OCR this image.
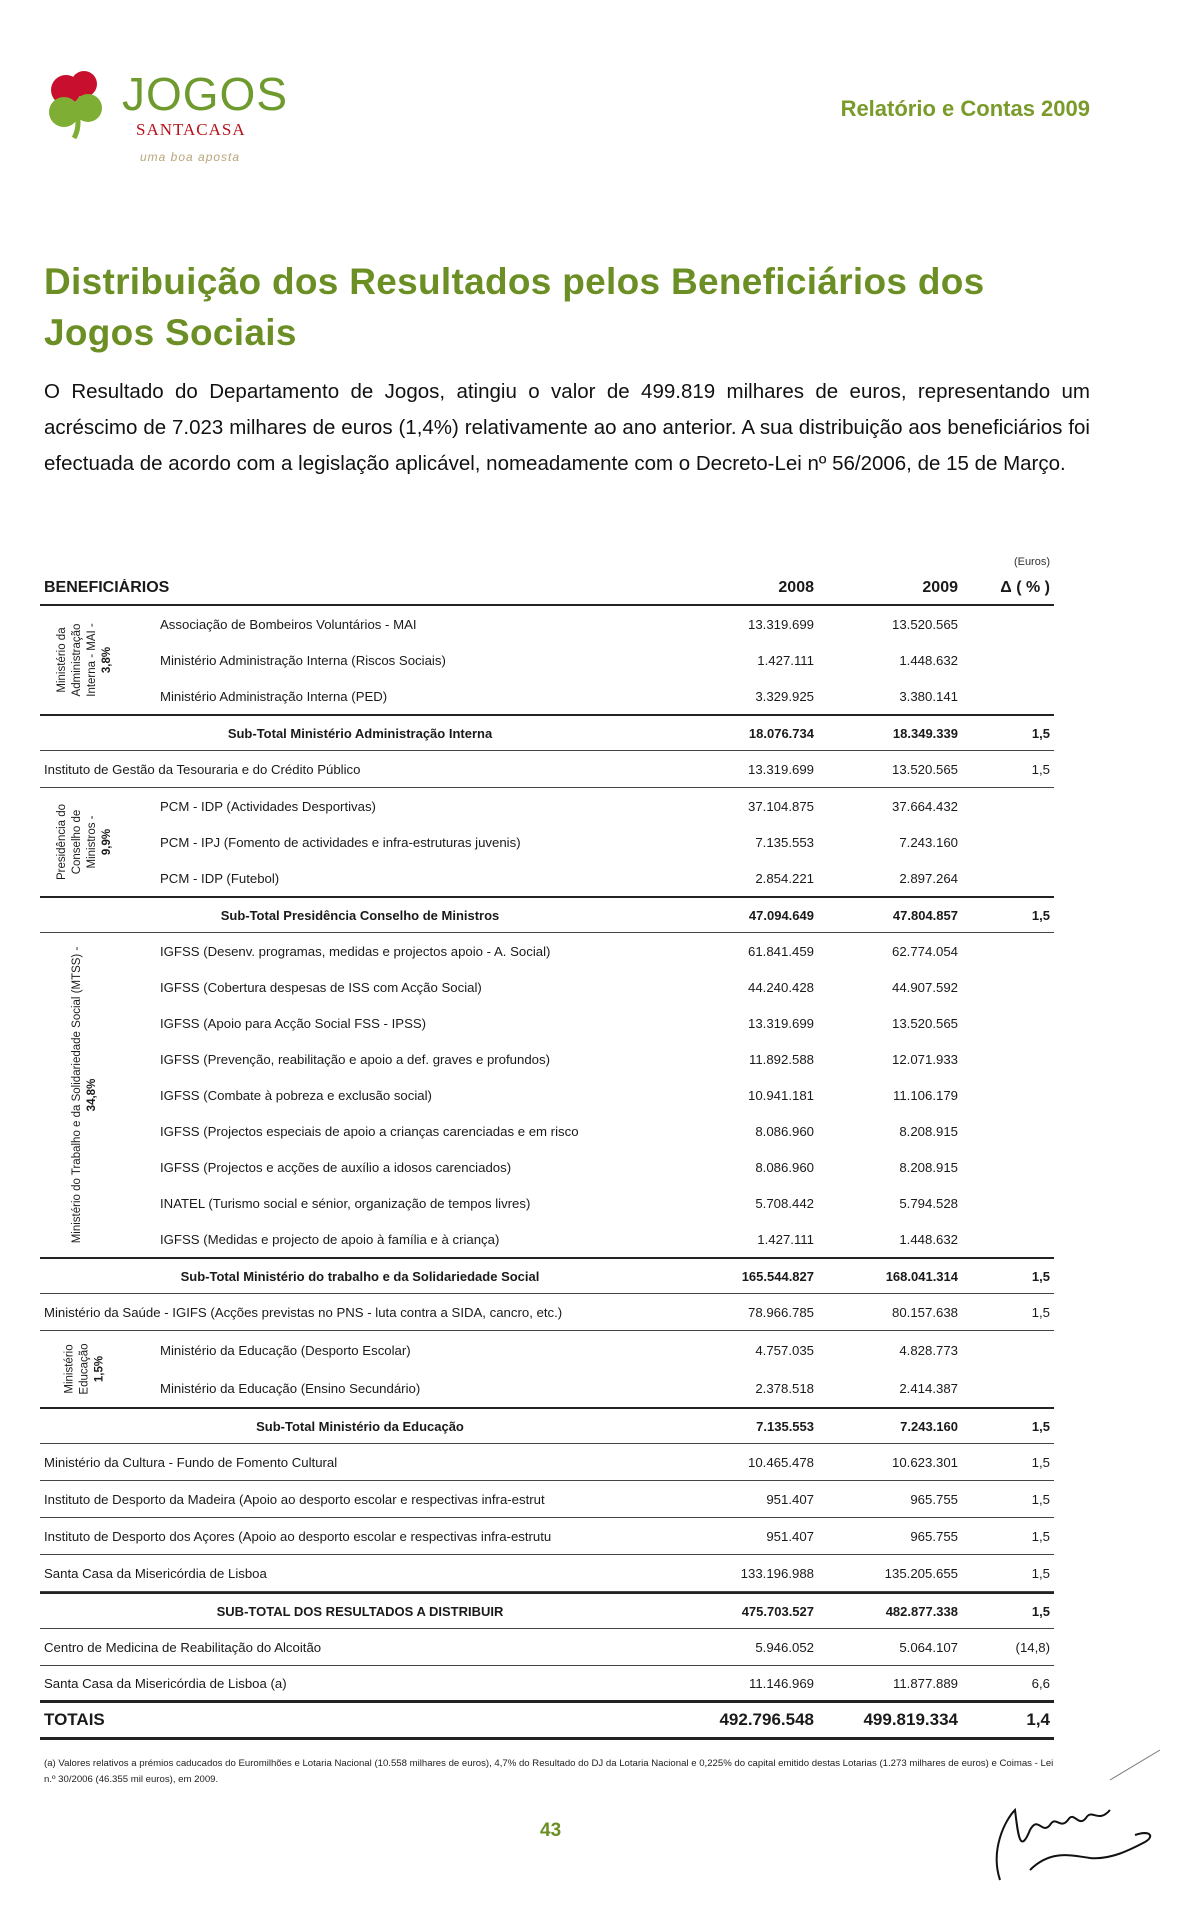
JOGOS
SANTACASA
uma boa aposta
Relatório e Contas 2009
Distribuição dos Resultados pelos Beneficiários dos Jogos Sociais

O Resultado do Departamento de Jogos, atingiu o valor de 499.819 milhares de euros, representando um acréscimo de 7.023 milhares de euros (1,4%) relativamente ao ano anterior. A sua distribuição aos beneficiários foi efectuada de acordo com a legislação aplicável, nomeadamente com o Decreto-Lei nº 56/2006, de 15 de Março.

(Euros)
BENEFICIÁRIOS	2008	2009	Δ ( % )
Ministério da Administração Interna - MAI - 3,8%
Associação de Bombeiros Voluntários - MAI	13.319.699	13.520.565
Ministério Administração Interna (Riscos Sociais)	1.427.111	1.448.632
Ministério Administração Interna (PED)	3.329.925	3.380.141
Sub-Total Ministério Administração Interna	18.076.734	18.349.339	1,5
Instituto de Gestão da Tesouraria e do Crédito Público	13.319.699	13.520.565	1,5
Presidência do Conselho de Ministros - 9,9%
PCM - IDP (Actividades Desportivas)	37.104.875	37.664.432
PCM - IPJ (Fomento de actividades e infra-estruturas juvenis)	7.135.553	7.243.160
PCM - IDP (Futebol)	2.854.221	2.897.264
Sub-Total Presidência Conselho de Ministros	47.094.649	47.804.857	1,5
Ministério do Trabalho e da Solidariedade Social (MTSS) - 34,8%
IGFSS (Desenv. programas, medidas e projectos apoio - A. Social)	61.841.459	62.774.054
IGFSS (Cobertura despesas de ISS com Acção Social)	44.240.428	44.907.592
IGFSS (Apoio para Acção Social FSS - IPSS)	13.319.699	13.520.565
IGFSS (Prevenção, reabilitação e apoio a def. graves e profundos)	11.892.588	12.071.933
IGFSS (Combate à pobreza e exclusão social)	10.941.181	11.106.179
IGFSS (Projectos especiais de apoio a crianças carenciadas e em risco	8.086.960	8.208.915
IGFSS (Projectos e acções de auxílio a idosos carenciados)	8.086.960	8.208.915
INATEL (Turismo social e sénior, organização de tempos livres)	5.708.442	5.794.528
IGFSS (Medidas e projecto de apoio à família e à criança)	1.427.111	1.448.632
Sub-Total Ministério do trabalho e da Solidariedade Social	165.544.827	168.041.314	1,5
Ministério da Saúde - IGIFS (Acções previstas no PNS - luta contra a SIDA, cancro, etc.)	78.966.785	80.157.638	1,5
Ministério Educação 1,5%
Ministério da Educação (Desporto Escolar)	4.757.035	4.828.773
Ministério da Educação (Ensino Secundário)	2.378.518	2.414.387
Sub-Total Ministério da Educação	7.135.553	7.243.160	1,5
Ministério da Cultura - Fundo de Fomento Cultural	10.465.478	10.623.301	1,5
Instituto de Desporto da Madeira (Apoio ao desporto escolar e respectivas infra-estrut	951.407	965.755	1,5
Instituto de Desporto dos Açores (Apoio ao desporto escolar e respectivas infra-estrutu	951.407	965.755	1,5
Santa Casa da Misericórdia de Lisboa	133.196.988	135.205.655	1,5
SUB-TOTAL DOS RESULTADOS A DISTRIBUIR	475.703.527	482.877.338	1,5
Centro de Medicina de Reabilitação do Alcoitão	5.946.052	5.064.107	(14,8)
Santa Casa da Misericórdia de Lisboa (a)	11.146.969	11.877.889	6,6
TOTAIS	492.796.548	499.819.334	1,4
(a) Valores relativos a prémios caducados do Euromilhões e Lotaria Nacional (10.558 milhares de euros), 4,7% do Resultado do DJ da Lotaria Nacional e 0,225% do capital emitido destas Lotarias (1.273 milhares de euros) e Coimas - Lei n.º 30/2006 (46.355 mil euros), em 2009.
43
